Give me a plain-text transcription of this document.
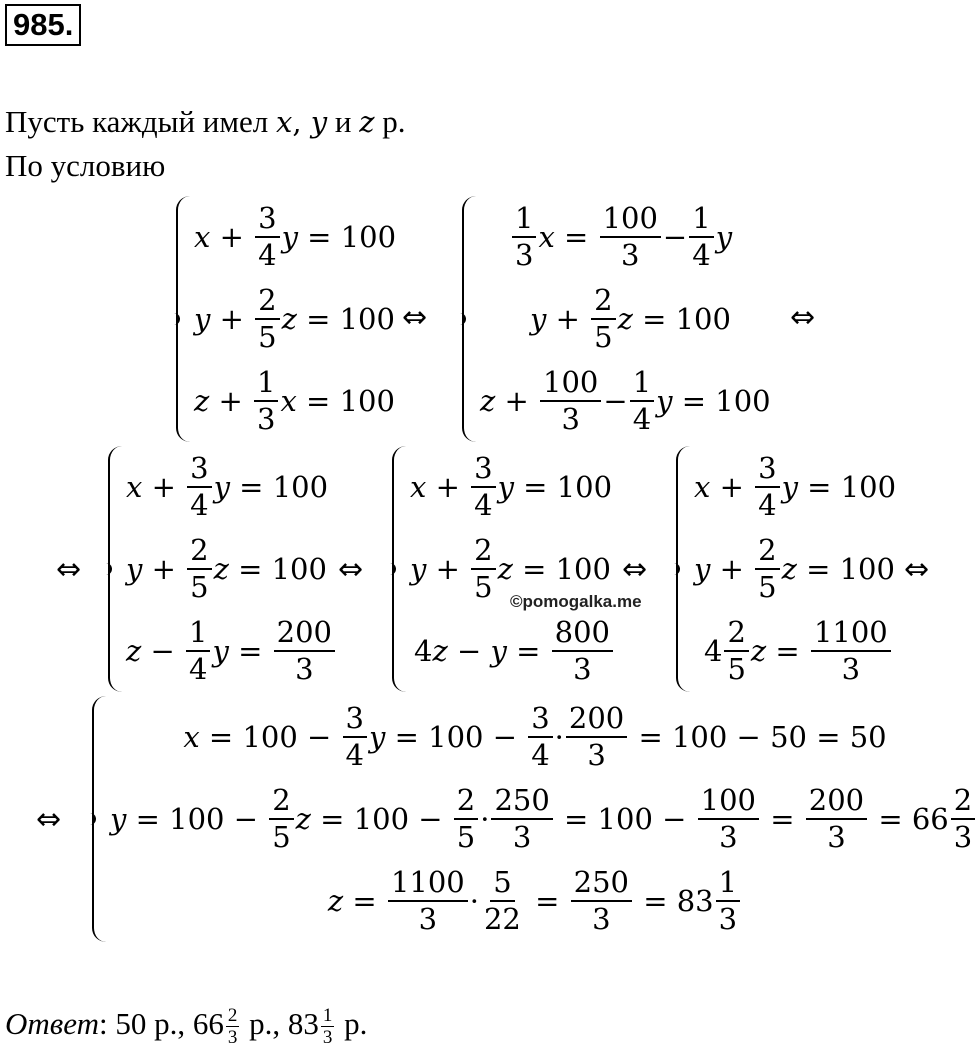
985.
Пусть каждый имел x, y и z р.
По условию
$x + \frac{3}{4}$ y = 100
$y + \frac{2}{5}$ z = 100
$z + \frac{1}{3}$ x = 100
⇔
$\frac{1}{3}$ $x = \frac{100}{3} - \frac{1}{4}$ y
$y + \frac{2}{5}$ z = 100
$z + \frac{100}{3} - \frac{1}{4}$ y = 100
⇔
⇔
$x + \frac{3}{4}$ y = 100
$y + \frac{2}{5}$ z = 100
$z - \frac{1}{4}$ $y = \frac{200}{3}$
⇔
$x + \frac{3}{4}$ y = 100
$y + \frac{2}{5}$ z = 100
4 $z - y = \frac{800}{3}$
⇔
$x + \frac{3}{4}$ y = 100
$y + \frac{2}{5}$ z = 100
$4 \frac{2}{5}$ $z = \frac{1100}{3}$
⇔
©pomogalka.me
⇔
$x = 100 - \frac{3}{4}$ $y = 100 - \frac{3}{4} \cdot \frac{200}{3} = 100 - 50 = 50$
$y = 100 - \frac{2}{5}$ $z = 100 - \frac{2}{5} \cdot \frac{250}{3} = 100 - \frac{100}{3} = \frac{200}{3} = 66 \frac{2}{3}$
$z = \frac{1100}{3} \cdot \frac{5}{22} = \frac{250}{3} = 83 \frac{1}{3}$
Ответ: 50 р., $66 \frac{2}{3} р$., $83 \frac{1}{3} р$.
